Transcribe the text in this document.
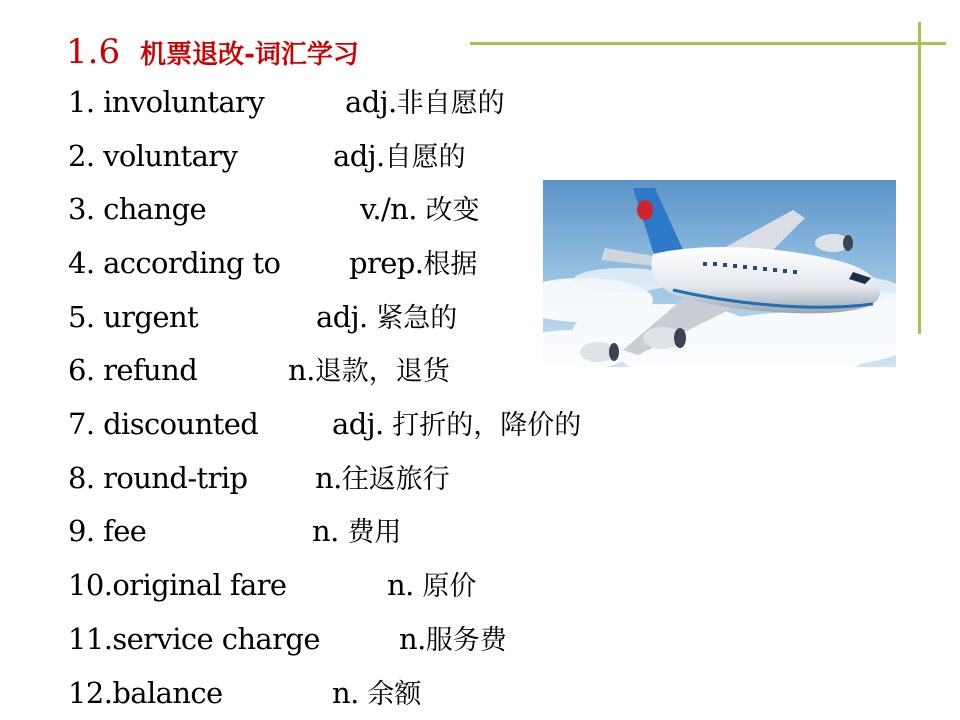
1.6 机票退改-词汇学习
1. involuntary	adj.非自愿的
2. voluntary	adj.自愿的
3. change	v./n. 改变
4. according to prep.根据
5. urgent	adj. 紧急的
6. refund	n.退款，退货
7. discounted	adj. 打折的，降价的
8. round-trip n.往返旅行
9. fee	n. 费用
10.original fare	n. 原价
11.service charge	n.服务费
12.balance	n. 余额
